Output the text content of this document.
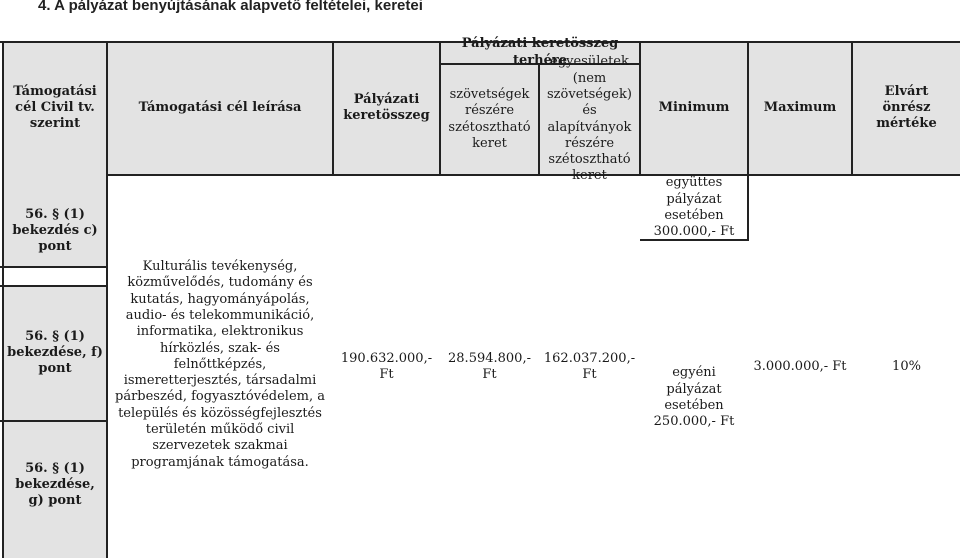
4. A pályázat benyújtásának alapvető feltételei, keretei
Támogatási cél Civil tv. szerint
Támogatási cél leírása
Pályázati keretösszeg
Pályázati keretösszeg terhére
szövetségek részére szétosztható keret
egyesületek (nem szövetségek) és alapítványok részére szétosztható keret
Minimum	Maximum
Elvárt önrész mértéke
56. § (1) bekezdés c) pont
56. § (1) bekezdése, f) pont
56. § (1) bekezdése, g) pont
Kulturális tevékenység, közművelődés, tudomány és kutatás, hagyományápolás, audio- és telekommunikáció, informatika, elektronikus hírközlés, szak- és felnőttképzés, ismeretterjesztés, társadalmi párbeszéd, fogyasztóvédelem, a település és közösségfejlesztés területén működő civil szervezetek szakmai programjának támogatása.
190.632.000,- Ft
28.594.800,- Ft
162.037.200,- Ft
együttes pályázat esetében 300.000,- Ft
egyéni pályázat esetében 250.000,- Ft
3.000.000,- Ft	10%
